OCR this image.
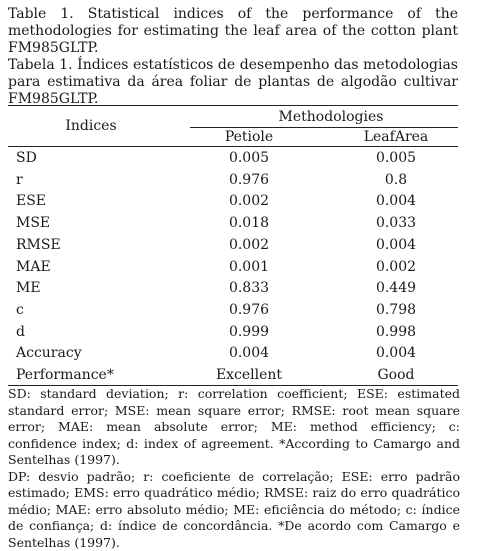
Table 1. Statistical indices of the performance of the methodologies for estimating the leaf area of the cotton plant FM985GLTP.

Tabela 1. Índices estatísticos de desempenho das metodologias para estimativa da área foliar de plantas de algodão cultivar FM985GLTP.

Indices
Methodologies
Petiole	LeafArea
SD	0.005	0.005
r	0.976	0.8
ESE	0.002	0.004
MSE	0.018	0.033
RMSE	0.002	0.004
MAE	0.001	0.002
ME	0.833	0.449
c	0.976	0.798
d	0.999	0.998
Accuracy	0.004	0.004
Performance*	Excellent	Good

SD: standard deviation; r: correlation coefficient; ESE: estimated standard error; MSE: mean square error; RMSE: root mean square error; MAE: mean absolute error; ME: method efficiency; c: confidence index; d: index of agreement. *According to Camargo and Sentelhas (1997).

DP: desvio padrão; r: coeficiente de correlação; ESE: erro padrão estimado; EMS: erro quadrático médio; RMSE: raiz do erro quadrático médio; MAE: erro absoluto médio; ME: eficiência do método; c: índice de confiança; d: índice de concordância. *De acordo com Camargo e Sentelhas (1997).
